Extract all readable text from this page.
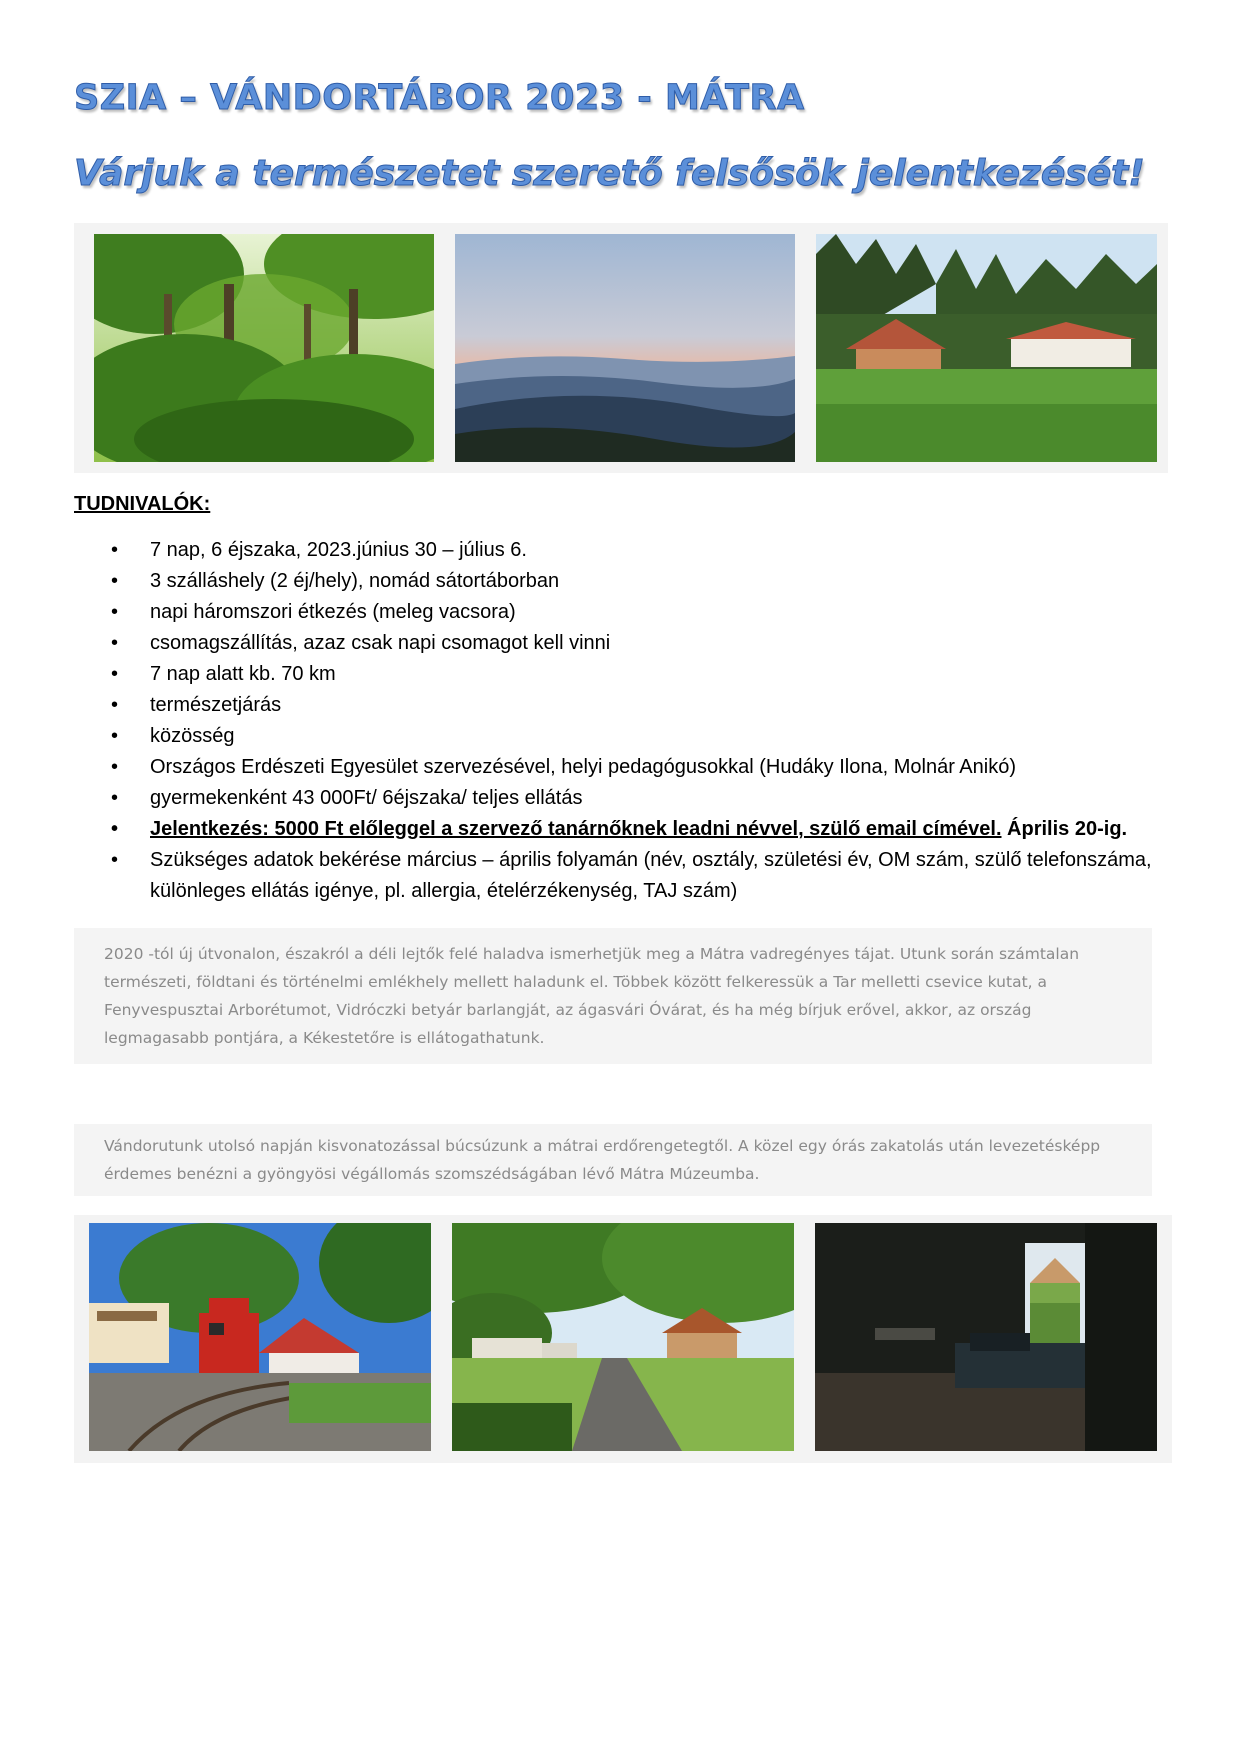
SZIA – VÁNDORTÁBOR 2023 - MÁTRA
Várjuk a természetet szerető felsősök jelentkezését!
TUDNIVALÓK:
• 7 nap, 6 éjszaka, 2023.június 30 – július 6.
• 3 szálláshely (2 éj/hely), nomád sátortáborban
• napi háromszori étkezés (meleg vacsora)
• csomagszállítás, azaz csak napi csomagot kell vinni
• 7 nap alatt kb. 70 km
• természetjárás
• közösség
• Országos Erdészeti Egyesület szervezésével, helyi pedagógusokkal (Hudáky Ilona, Molnár Anikó)
• gyermekenként 43 000Ft/ 6éjszaka/ teljes ellátás
• Jelentkezés: 5000 Ft előleggel a szervező tanárnőknek leadni névvel, szülő email címével. Április 20-ig.
• Szükséges adatok bekérése március – április folyamán (név, osztály, születési év, OM szám, szülő telefonszáma, különleges ellátás igénye, pl. allergia, ételérzékenység, TAJ szám)
2020 -tól új útvonalon, északról a déli lejtők felé haladva ismerhetjük meg a Mátra vadregényes tájat. Utunk során számtalan természeti, földtani és történelmi emlékhely mellett haladunk el. Többek között felkeressük a Tar melletti csevice kutat, a Fenyvespusztai Arborétumot, Vidróczki betyár barlangját, az ágasvári Óvárat, és ha még bírjuk erővel, akkor, az ország legmagasabb pontjára, a Kékestetőre is ellátogathatunk.
Vándorutunk utolsó napján kisvonatozással búcsúzunk a mátrai erdőrengetegtől. A közel egy órás zakatolás után levezetésképp érdemes benézni a gyöngyösi végállomás szomszédságában lévő Mátra Múzeumba.
